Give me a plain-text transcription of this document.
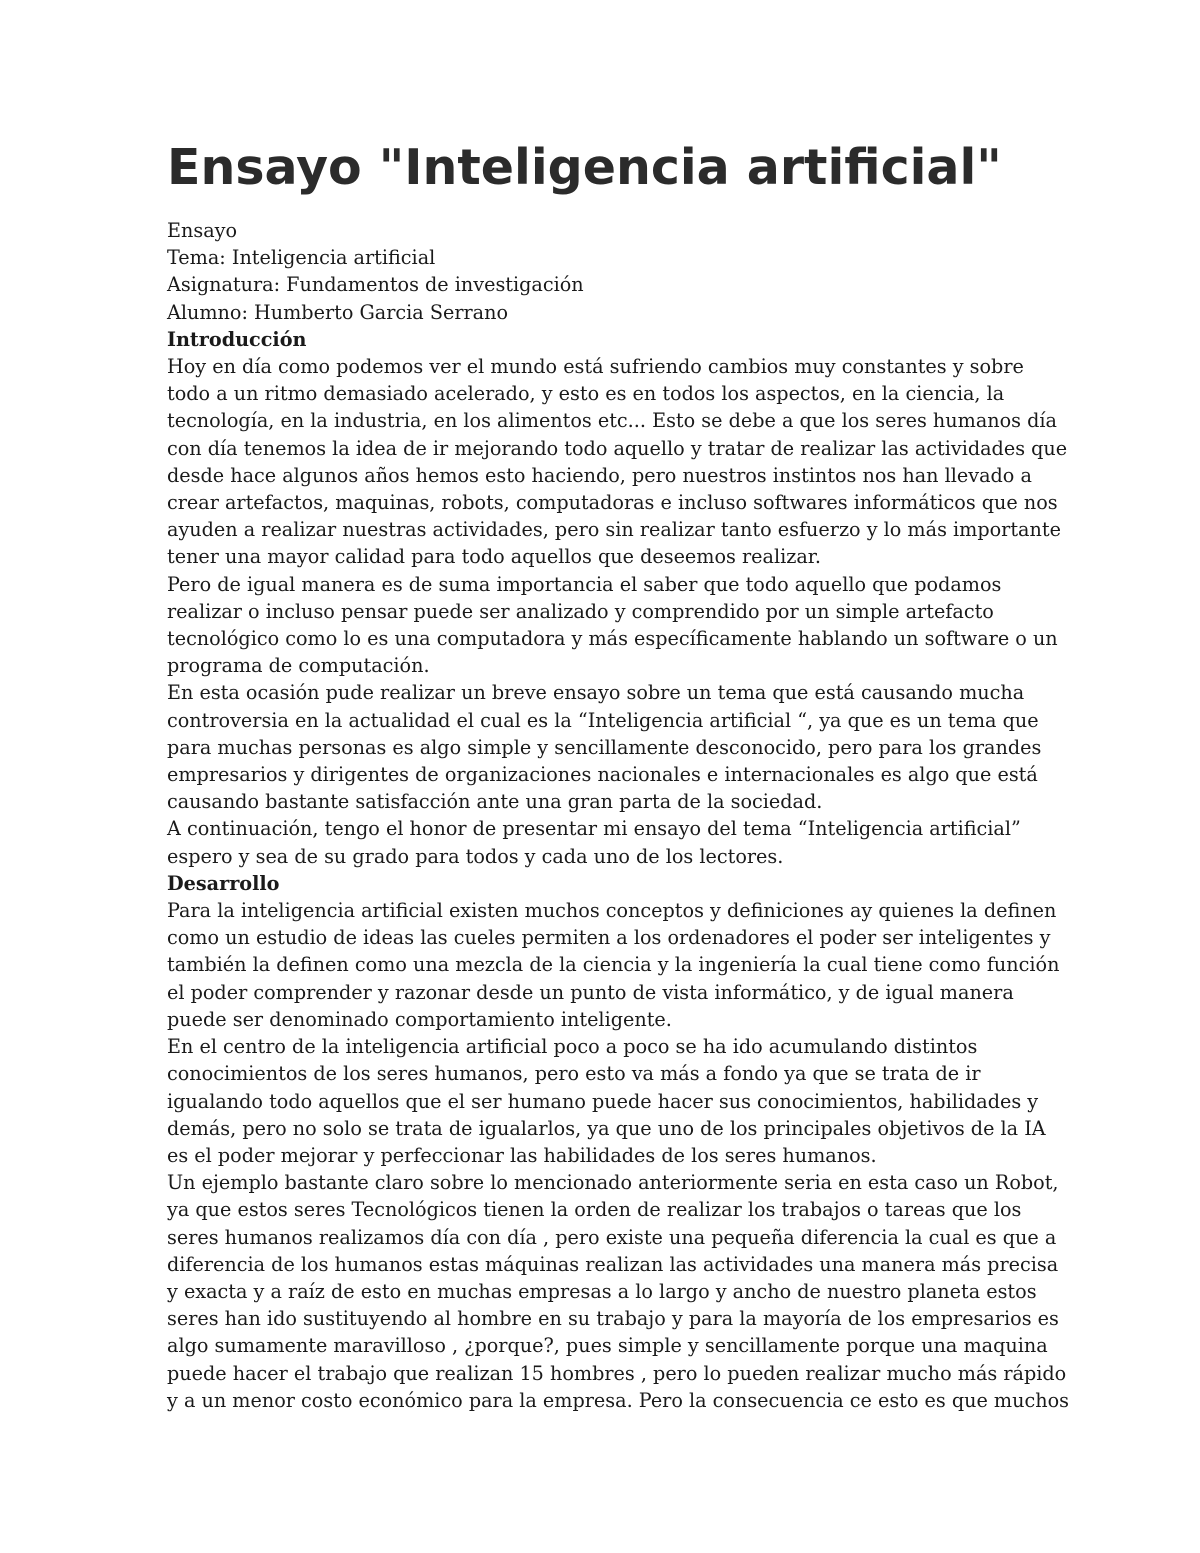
Ensayo "Inteligencia artificial"
Ensayo
Tema: Inteligencia artificial
Asignatura: Fundamentos de investigación
Alumno: Humberto Garcia Serrano
Introducción
Hoy en día como podemos ver el mundo está sufriendo cambios muy constantes y sobre
todo a un ritmo demasiado acelerado, y esto es en todos los aspectos, en la ciencia, la
tecnología, en la industria, en los alimentos etc... Esto se debe a que los seres humanos día
con día tenemos la idea de ir mejorando todo aquello y tratar de realizar las actividades que
desde hace algunos años hemos esto haciendo, pero nuestros instintos nos han llevado a
crear artefactos, maquinas, robots, computadoras e incluso softwares informáticos que nos
ayuden a realizar nuestras actividades, pero sin realizar tanto esfuerzo y lo más importante
tener una mayor calidad para todo aquellos que deseemos realizar.
Pero de igual manera es de suma importancia el saber que todo aquello que podamos
realizar o incluso pensar puede ser analizado y comprendido por un simple artefacto
tecnológico como lo es una computadora y más específicamente hablando un software o un
programa de computación.
En esta ocasión pude realizar un breve ensayo sobre un tema que está causando mucha
controversia en la actualidad el cual es la “Inteligencia artificial “, ya que es un tema que
para muchas personas es algo simple y sencillamente desconocido, pero para los grandes
empresarios y dirigentes de organizaciones nacionales e internacionales es algo que está
causando bastante satisfacción ante una gran parta de la sociedad.
A continuación, tengo el honor de presentar mi ensayo del tema “Inteligencia artificial”
espero y sea de su grado para todos y cada uno de los lectores.
Desarrollo
Para la inteligencia artificial existen muchos conceptos y definiciones ay quienes la definen
como un estudio de ideas las cueles permiten a los ordenadores el poder ser inteligentes y
también la definen como una mezcla de la ciencia y la ingeniería la cual tiene como función
el poder comprender y razonar desde un punto de vista informático, y de igual manera
puede ser denominado comportamiento inteligente.
En el centro de la inteligencia artificial poco a poco se ha ido acumulando distintos
conocimientos de los seres humanos, pero esto va más a fondo ya que se trata de ir
igualando todo aquellos que el ser humano puede hacer sus conocimientos, habilidades y
demás, pero no solo se trata de igualarlos, ya que uno de los principales objetivos de la IA
es el poder mejorar y perfeccionar las habilidades de los seres humanos.
Un ejemplo bastante claro sobre lo mencionado anteriormente seria en esta caso un Robot,
ya que estos seres Tecnológicos tienen la orden de realizar los trabajos o tareas que los
seres humanos realizamos día con día , pero existe una pequeña diferencia la cual es que a
diferencia de los humanos estas máquinas realizan las actividades una manera más precisa
y exacta y a raíz de esto en muchas empresas a lo largo y ancho de nuestro planeta estos
seres han ido sustituyendo al hombre en su trabajo y para la mayoría de los empresarios es
algo sumamente maravilloso , ¿porque?, pues simple y sencillamente porque una maquina
puede hacer el trabajo que realizan 15 hombres , pero lo pueden realizar mucho más rápido
y a un menor costo económico para la empresa. Pero la consecuencia ce esto es que muchos
